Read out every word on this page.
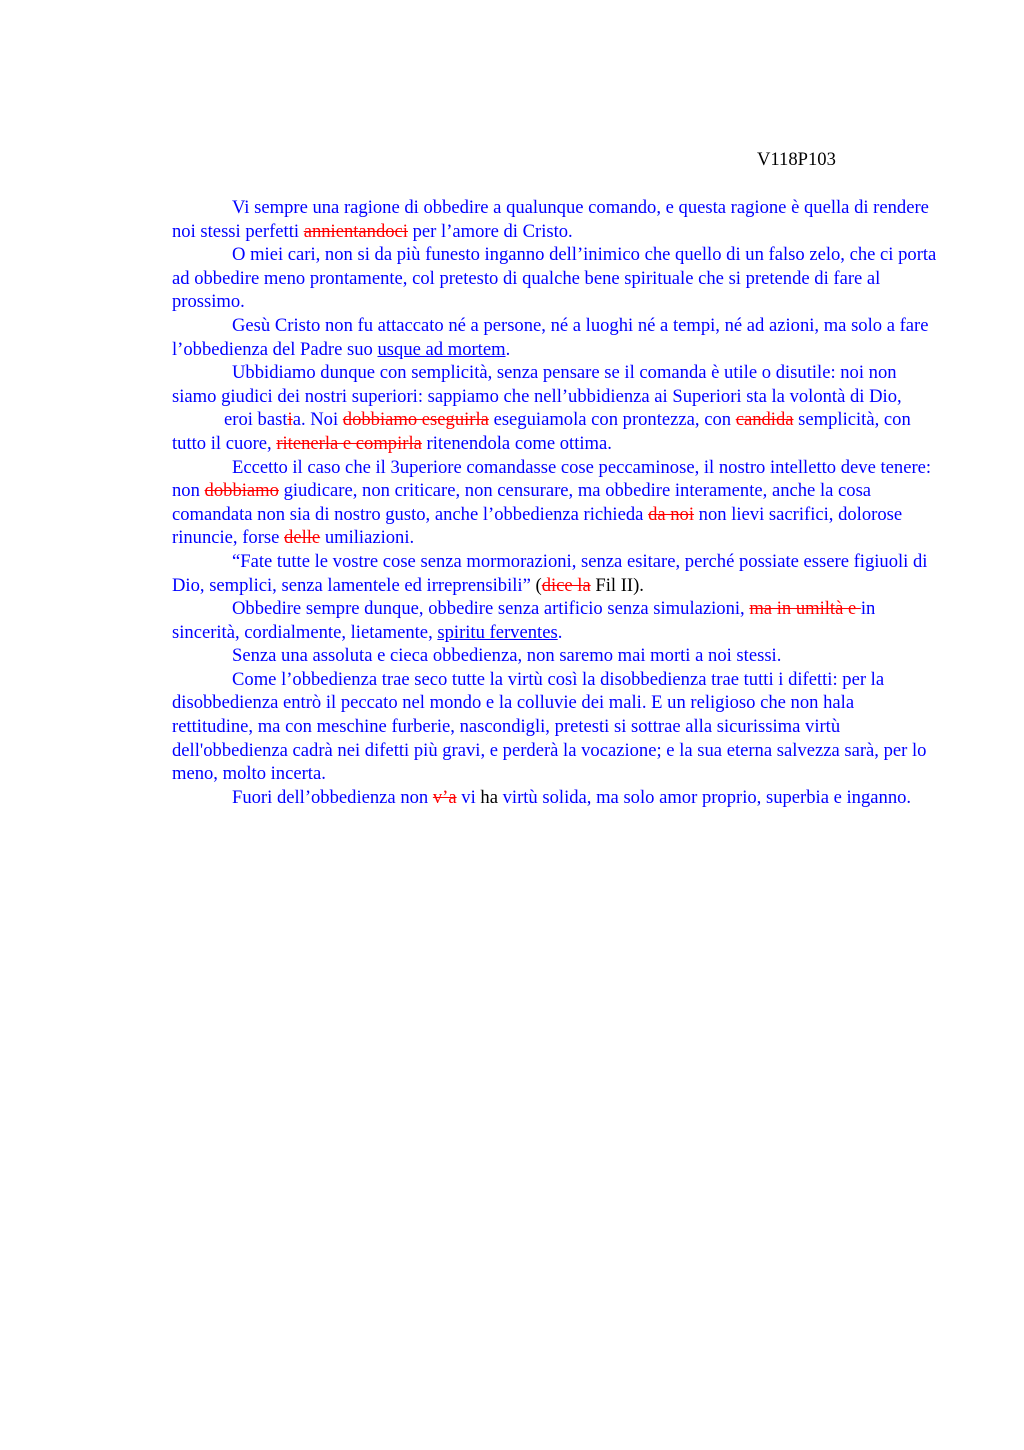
V118P103

Vi sempre una ragione di obbedire a qualunque comando, e questa ragione è quella di rendere noi stessi perfetti annientandoci per l’amore di Cristo.

O miei cari, non si da più funesto inganno dell’inimico che quello di un falso zelo, che ci porta ad obbedire meno prontamente, col pretesto di qualche bene spirituale che si pretende di fare al prossimo.

Gesù Cristo non fu attaccato né a persone, né a luoghi né a tempi, né ad azioni, ma solo a fare l’obbedienza del Padre suo usque ad mortem.

Ubbidiamo dunque con semplicità, senza pensare se il comanda è utile o disutile: noi non siamo giudici dei nostri superiori: sappiamo che nell’ubbidienza ai Superiori sta la volontà di Dio,eroi bastia. Noi dobbiamo eseguirla eseguiamola con prontezza, con candida semplicità, con tutto il cuore, ritenerla e compirla ritenendola come ottima.

Eccetto il caso che il 3uperiore comandasse cose peccaminose, il nostro intelletto deve tenere: non dobbiamo giudicare, non criticare, non censurare, ma obbedire interamente, anche la cosa comandata non sia di nostro gusto, anche l’obbedienza richieda da noi non lievi sacrifici, dolorose rinuncie, forse delle umiliazioni.

“Fate tutte le vostre cose senza mormorazioni, senza esitare, perché possiate essere figiuoli di Dio, semplici, senza lamentele ed irreprensibili” (dice la Fil II).

Obbedire sempre dunque, obbedire senza artificio senza simulazioni, ma in umiltà e in sincerità, cordialmente, lietamente, spiritu ferventes.

Senza una assoluta e cieca obbedienza, non saremo mai morti a noi stessi.

Come l’obbedienza trae seco tutte la virtù così la disobbedienza trae tutti i difetti: per la disobbedienza entrò il peccato nel mondo e la colluvie dei mali. E un religioso che non hala rettitudine, ma con meschine furberie, nascondigli, pretesti si sottrae alla sicurissima virtù dell'obbedienza cadrà nei difetti più gravi, e perderà la vocazione; e la sua eterna salvezza sarà, per lo meno, molto incerta.

Fuori dell’obbedienza non v’a vi ha virtù solida, ma solo amor proprio, superbia e inganno.
